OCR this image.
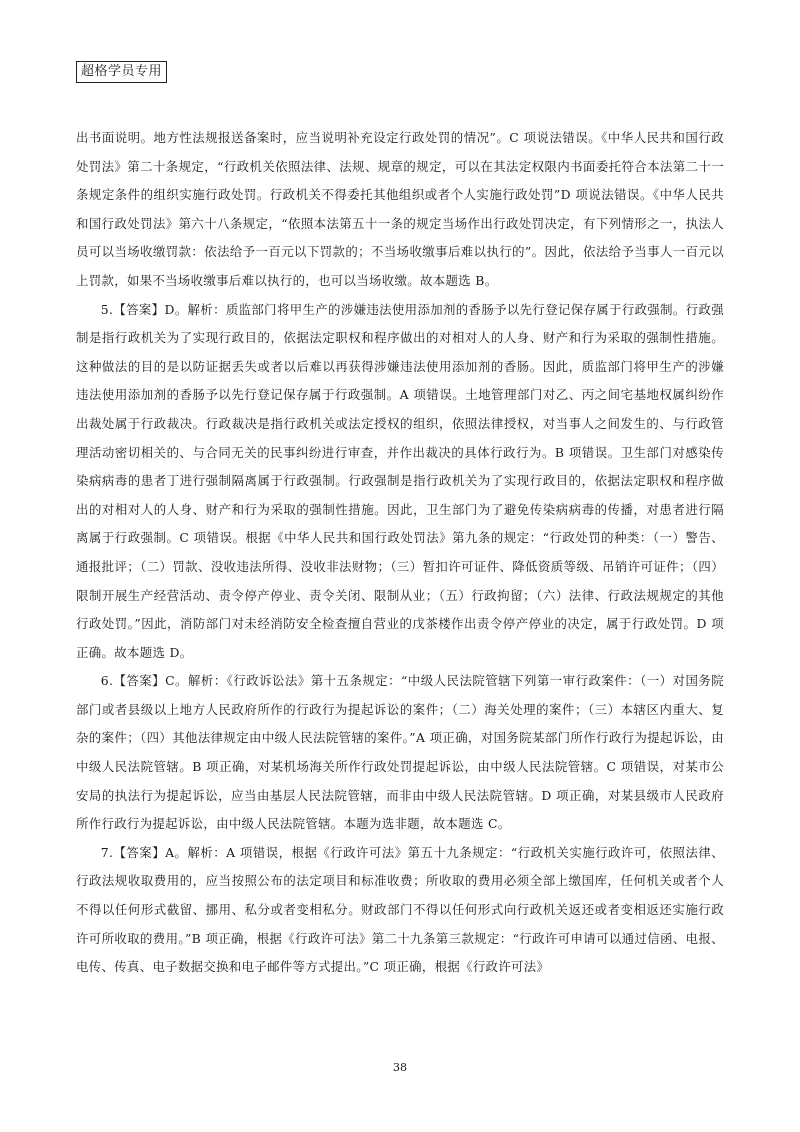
超格学员专用

出书面说明。地方性法规报送备案时，应当说明补充设定行政处罚的情况”。C 项说法错误。《中华人民共和国行政处罚法》第二十条规定，“行政机关依照法律、法规、规章的规定，可以在其法定权限内书面委托符合本法第二十一条规定条件的组织实施行政处罚。行政机关不得委托其他组织或者个人实施行政处罚”D 项说法错误。《中华人民共和国行政处罚法》第六十八条规定，“依照本法第五十一条的规定当场作出行政处罚决定，有下列情形之一，执法人员可以当场收缴罚款：依法给予一百元以下罚款的；不当场收缴事后难以执行的”。因此，依法给予当事人一百元以上罚款，如果不当场收缴事后难以执行的，也可以当场收缴。故本题选 B。

5.【答案】D。解析：质监部门将甲生产的涉嫌违法使用添加剂的香肠予以先行登记保存属于行政强制。行政强制是指行政机关为了实现行政目的，依据法定职权和程序做出的对相对人的人身、财产和行为采取的强制性措施。这种做法的目的是以防证据丢失或者以后难以再获得涉嫌违法使用添加剂的香肠。因此，质监部门将甲生产的涉嫌违法使用添加剂的香肠予以先行登记保存属于行政强制。A 项错误。土地管理部门对乙、丙之间宅基地权属纠纷作出裁处属于行政裁决。行政裁决是指行政机关或法定授权的组织，依照法律授权，对当事人之间发生的、与行政管理活动密切相关的、与合同无关的民事纠纷进行审查，并作出裁决的具体行政行为。B 项错误。卫生部门对感染传染病病毒的患者丁进行强制隔离属于行政强制。行政强制是指行政机关为了实现行政目的，依据法定职权和程序做出的对相对人的人身、财产和行为采取的强制性措施。因此，卫生部门为了避免传染病病毒的传播，对患者进行隔离属于行政强制。C 项错误。根据《中华人民共和国行政处罚法》第九条的规定：“行政处罚的种类：（一）警告、通报批评；（二）罚款、没收违法所得、没收非法财物；（三）暂扣许可证件、降低资质等级、吊销许可证件；（四）限制开展生产经营活动、责令停产停业、责令关闭、限制从业；（五）行政拘留；（六）法律、行政法规规定的其他行政处罚。”因此，消防部门对未经消防安全检查擅自营业的戊茶楼作出责令停产停业的决定，属于行政处罚。D 项正确。故本题选 D。

6.【答案】C。解析：《行政诉讼法》第十五条规定：“中级人民法院管辖下列第一审行政案件：（一）对国务院部门或者县级以上地方人民政府所作的行政行为提起诉讼的案件；（二）海关处理的案件；（三）本辖区内重大、复杂的案件；（四）其他法律规定由中级人民法院管辖的案件。”A 项正确，对国务院某部门所作行政行为提起诉讼，由中级人民法院管辖。B 项正确，对某机场海关所作行政处罚提起诉讼，由中级人民法院管辖。C 项错误，对某市公安局的执法行为提起诉讼，应当由基层人民法院管辖，而非由中级人民法院管辖。D 项正确，对某县级市人民政府所作行政行为提起诉讼，由中级人民法院管辖。本题为选非题，故本题选 C。

7.【答案】A。解析：A 项错误，根据《行政许可法》第五十九条规定：“行政机关实施行政许可，依照法律、行政法规收取费用的，应当按照公布的法定项目和标准收费；所收取的费用必须全部上缴国库，任何机关或者个人不得以任何形式截留、挪用、私分或者变相私分。财政部门不得以任何形式向行政机关返还或者变相返还实施行政许可所收取的费用。”B 项正确，根据《行政许可法》第二十九条第三款规定：“行政许可申请可以通过信函、电报、电传、传真、电子数据交换和电子邮件等方式提出。”C 项正确，根据《行政许可法》

38
